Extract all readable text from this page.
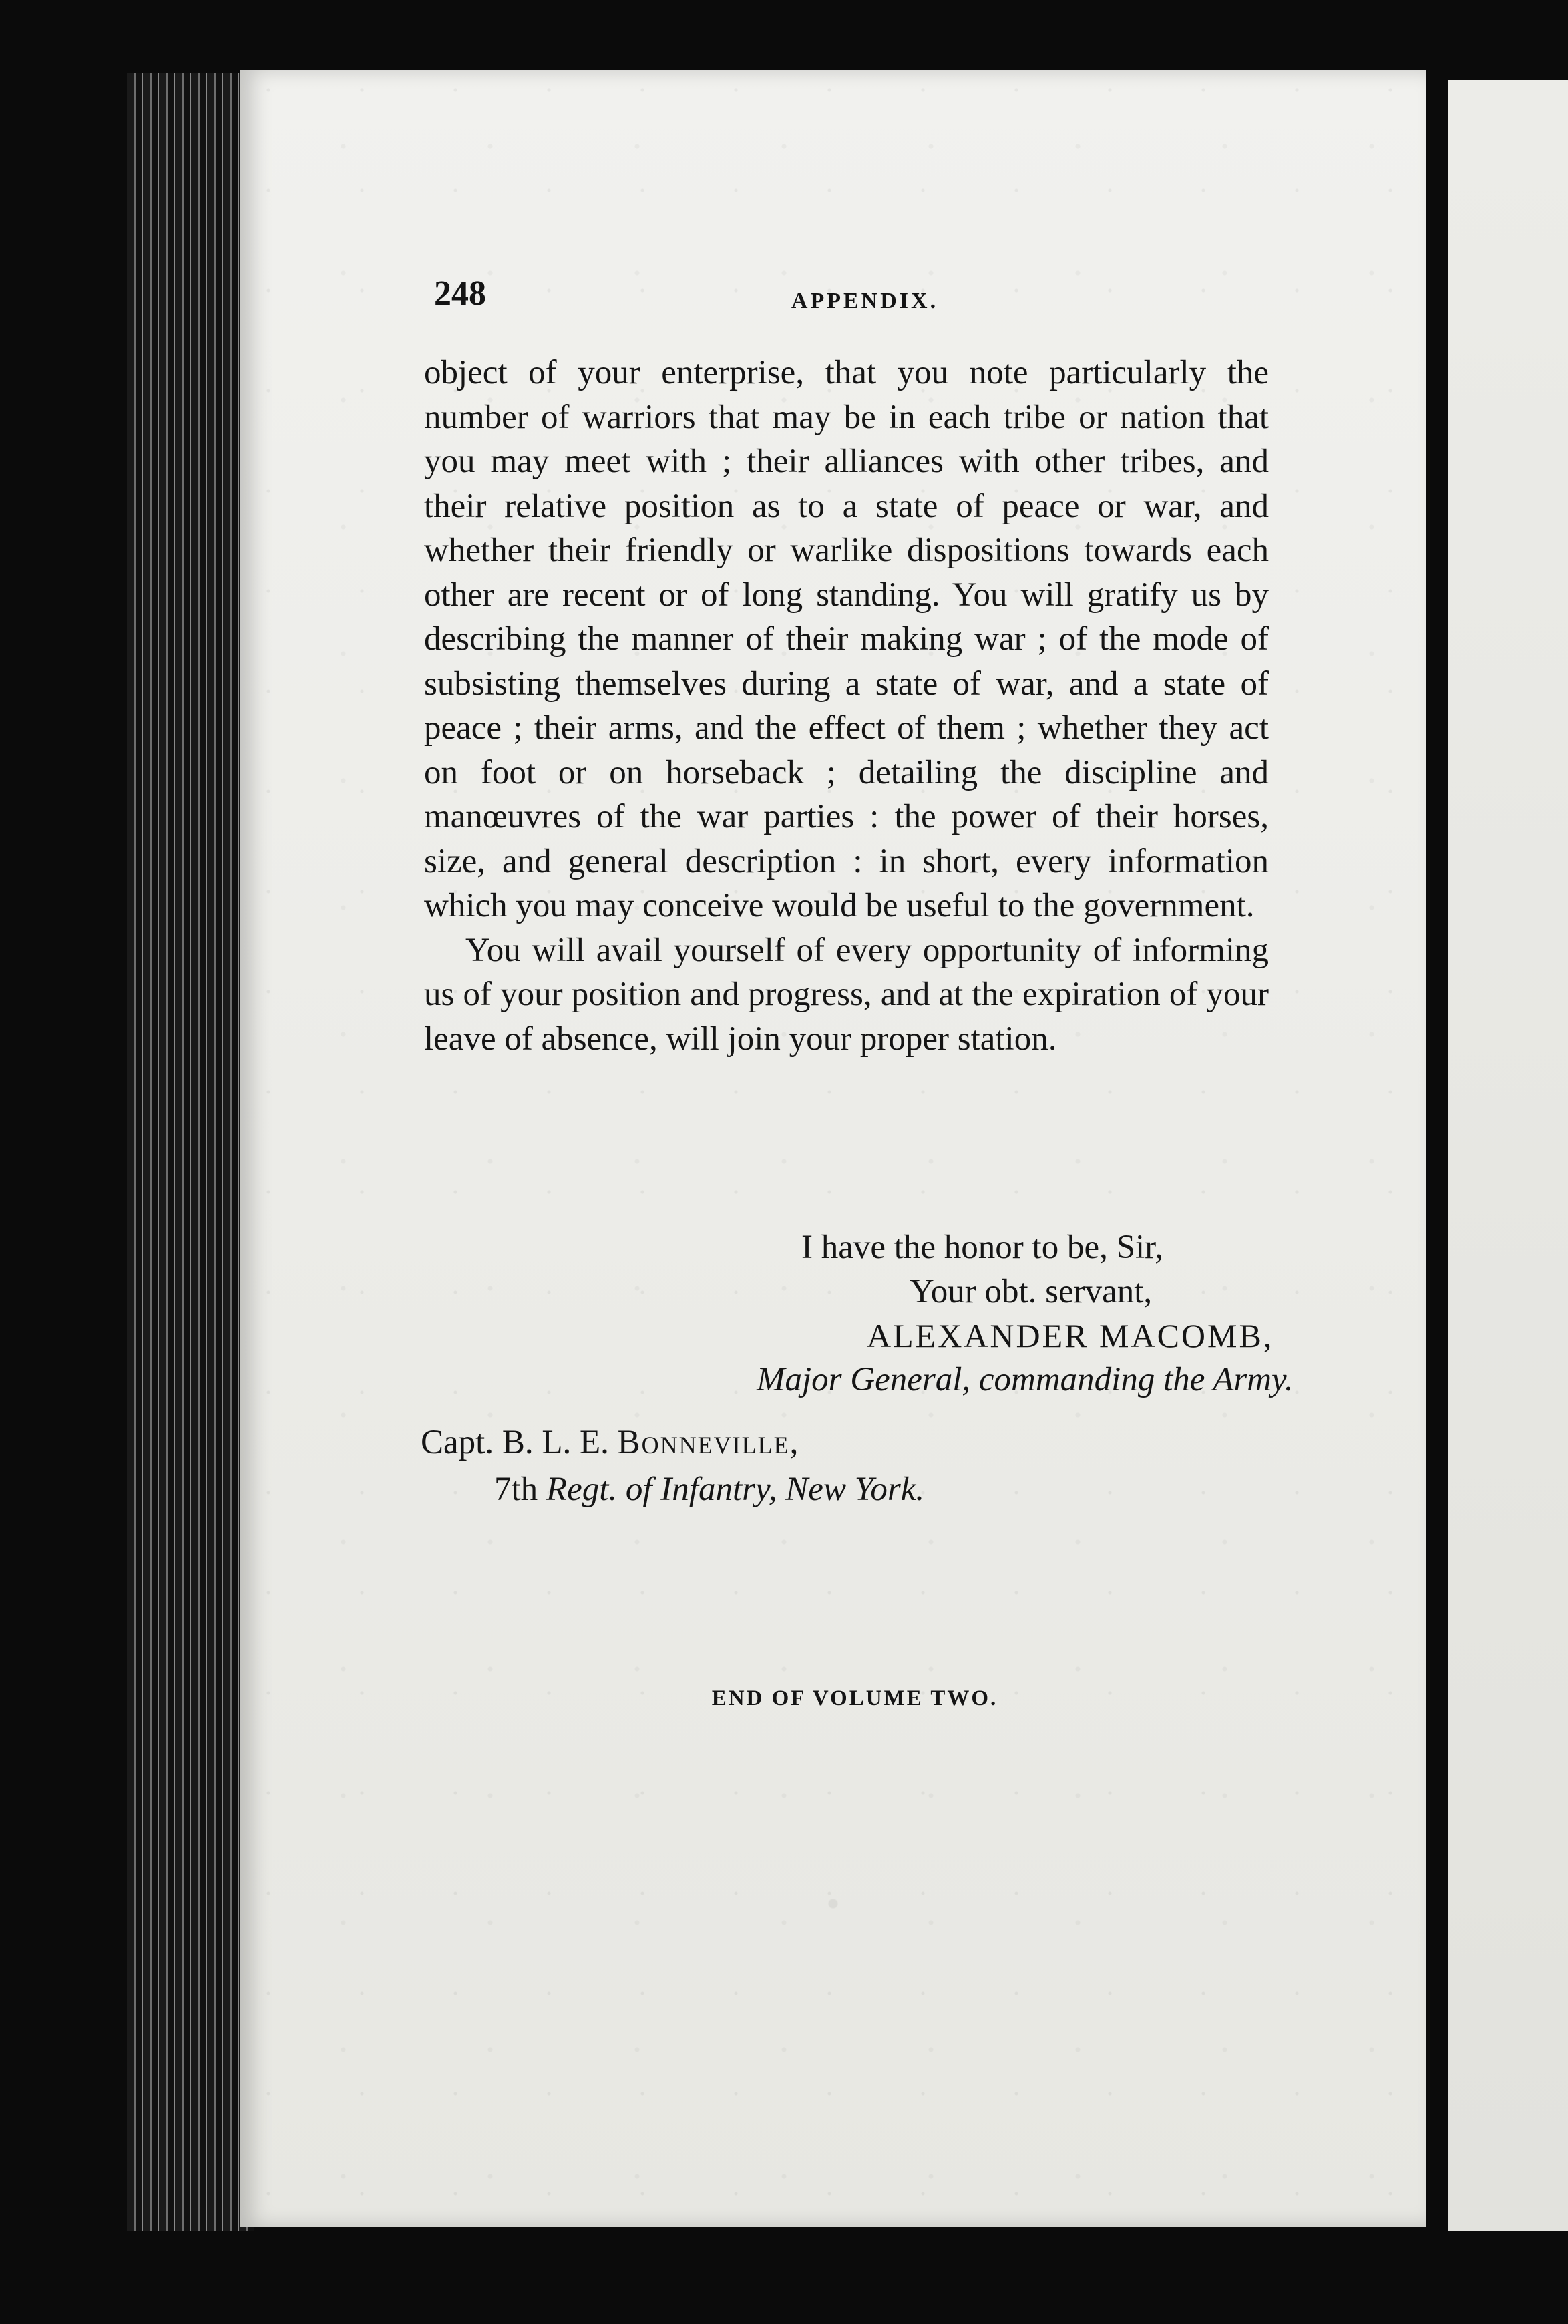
248	APPENDIX.

object of your enterprise, that you note particularly the number of warriors that may be in each tribe or nation that you may meet with ; their alliances with other tribes, and their relative position as to a state of peace or war, and whether their friendly or warlike dispositions towards each other are recent or of long standing. You will gratify us by describing the manner of their making war ; of the mode of subsisting themselves during a state of war, and a state of peace ; their arms, and the effect of them ; whether they act on foot or on horseback ; detailing the discipline and manœuvres of the war parties : the power of their horses, size, and general description : in short, every information which you may conceive would be useful to the government.

You will avail yourself of every opportunity of informing us of your position and progress, and at the expiration of your leave of absence, will join your proper station.

I have the honor to be, Sir,
Your obt. servant,
ALEXANDER MACOMB,
Major General, commanding the Army.
Capt. B. L. E. Bonneville,
7th Regt. of Infantry, New York.
END OF VOLUME TWO.
